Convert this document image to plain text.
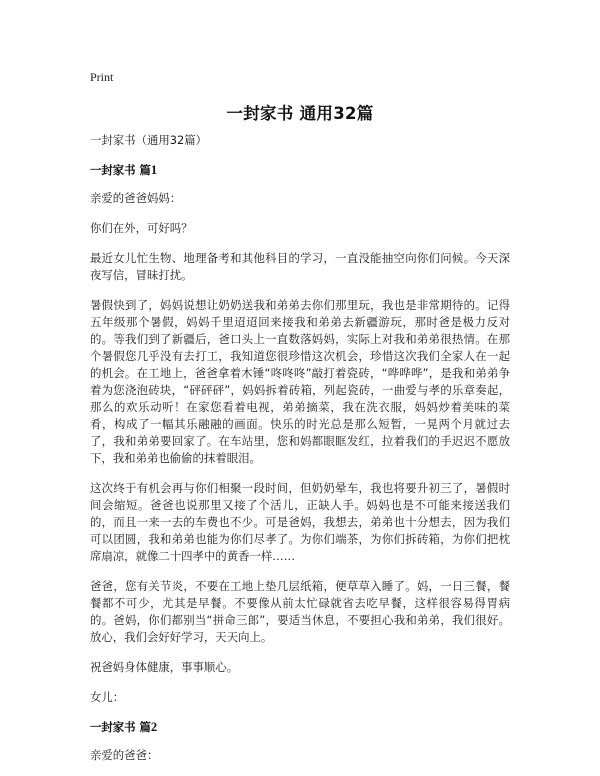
Print
一封家书 通用32篇

一封家书（通用32篇）

一封家书 篇1

亲爱的爸爸妈妈：

你们在外，可好吗？

最近女儿忙生物、地理备考和其他科目的学习，一直没能抽空向你们问候。今天深夜写信，冒昧打扰。

暑假快到了，妈妈说想让奶奶送我和弟弟去你们那里玩，我也是非常期待的。记得五年级那个暑假，妈妈千里迢迢回来接我和弟弟去新疆游玩，那时爸是极力反对的。等我们到了新疆后，爸口头上一直数落妈妈，实际上对我和弟弟很热情。在那个暑假您几乎没有去打工，我知道您很珍惜这次机会，珍惜这次我们全家人在一起的机会。在工地上，爸爸拿着木锤“咚咚咚”敲打着瓷砖，“哗哗哗”，是我和弟弟争着为您浇泡砖块，“砰砰砰”，妈妈拆着砖箱，列起瓷砖，一曲爱与孝的乐章奏起，那么的欢乐动听！在家您看着电视，弟弟摘菜，我在洗衣服，妈妈炒着美味的菜肴，构成了一幅其乐融融的画面。快乐的时光总是那么短暂，一晃两个月就过去了，我和弟弟要回家了。在车站里，您和妈都眼眶发红，拉着我们的手迟迟不愿放下，我和弟弟也偷偷的抹着眼泪。

这次终于有机会再与你们相聚一段时间，但奶奶晕车，我也将要升初三了，暑假时间会缩短。爸爸也说那里又接了个活儿，正缺人手。妈妈也是不可能来接送我们的，而且一来一去的车费也不少。可是爸妈，我想去，弟弟也十分想去，因为我们可以团圆，我和弟弟也能为你们尽孝了。为你们端茶，为你们拆砖箱，为你们把枕席扇凉，就像二十四孝中的黄香一样……

爸爸，您有关节炎，不要在工地上垫几层纸箱，便草草入睡了。妈，一日三餐，餐餐都不可少，尤其是早餐。不要像从前太忙碌就省去吃早餐，这样很容易得胃病的。爸妈，你们都别当“拼命三郎”，要适当休息，不要担心我和弟弟，我们很好。放心，我们会好好学习，天天向上。

祝爸妈身体健康，事事顺心。

女儿：

一封家书 篇2

亲爱的爸爸：
